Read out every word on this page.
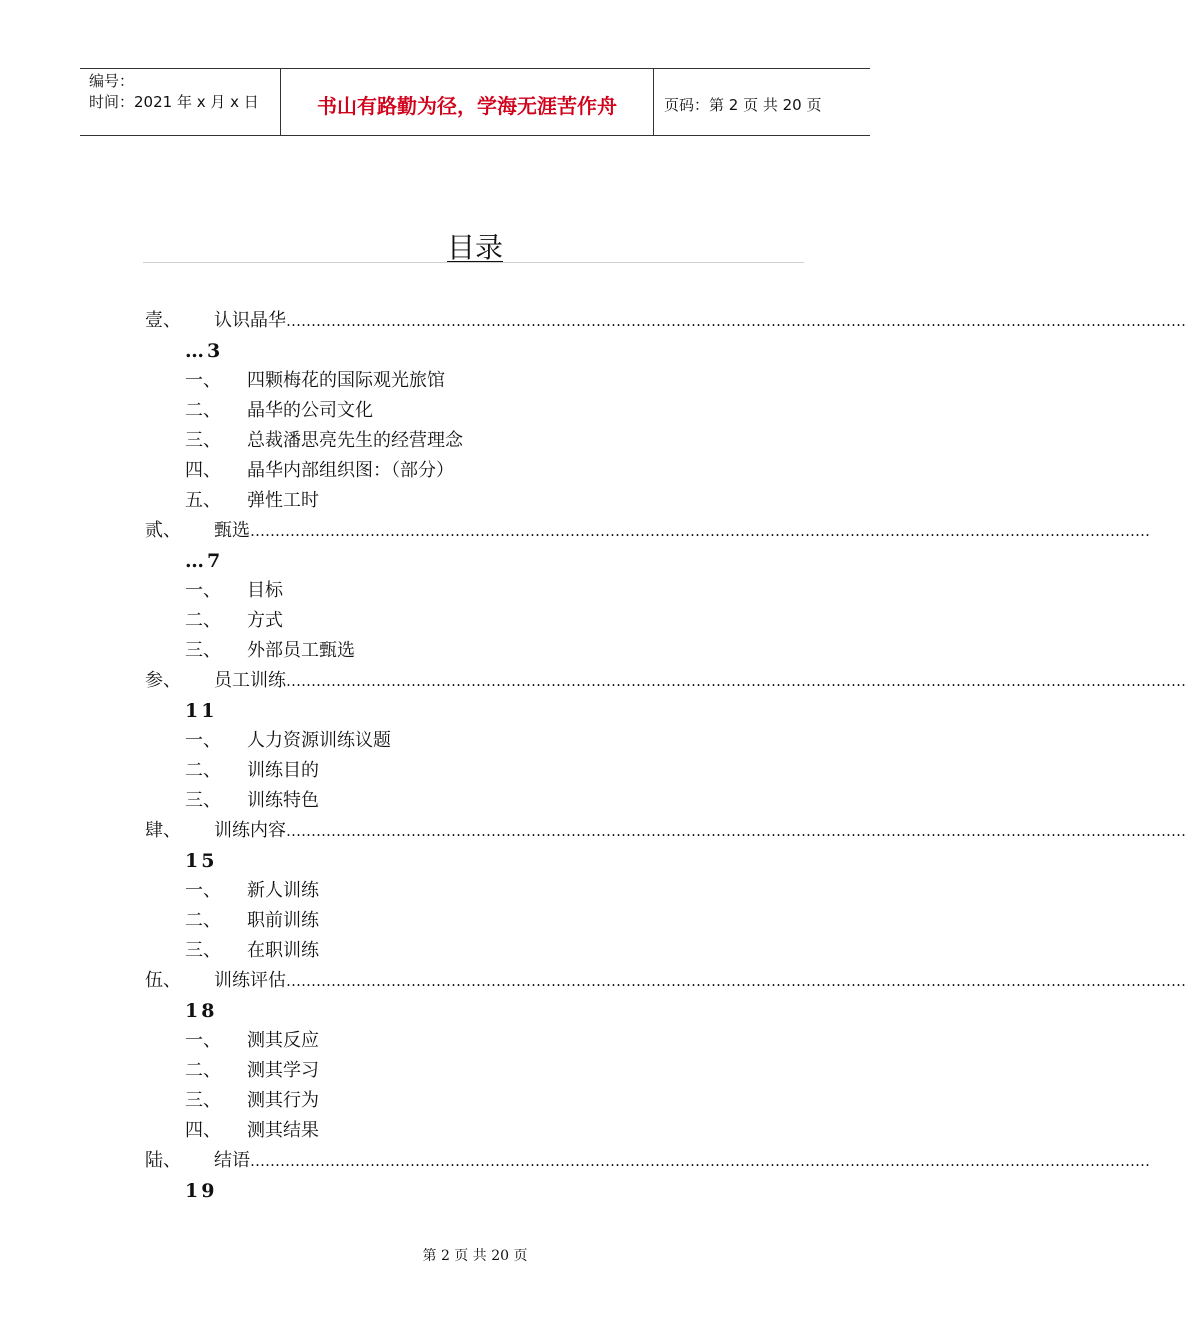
编号：
时间：2021 年 x 月 x 日	书山有路勤为径，学海无涯苦作舟	页码：第 2 页 共 20 页
目录
壹、 认识晶华 ………………………………………………………………………………………………………………………………………………………………
…3
一、 四颗梅花的国际观光旅馆
二、 晶华的公司文化
三、 总裁潘思亮先生的经营理念
四、 晶华内部组织图：（部分）
五、 弹性工时
贰、 甄选 ………………………………………………………………………………………………………………………………………………………………
…7
一、 目标
二、 方式
三、 外部员工甄选
参、 员工训练 ………………………………………………………………………………………………………………………………………………………………
11
一、 人力资源训练议题
二、 训练目的
三、 训练特色
肆、 训练内容 ………………………………………………………………………………………………………………………………………………………………
15
一、 新人训练
二、 职前训练
三、 在职训练
伍、 训练评估 ………………………………………………………………………………………………………………………………………………………………
18
一、 测其反应
二、 测其学习
三、 测其行为
四、 测其结果
陆、 结语 ………………………………………………………………………………………………………………………………………………………………
19
第 2 页 共 20 页
